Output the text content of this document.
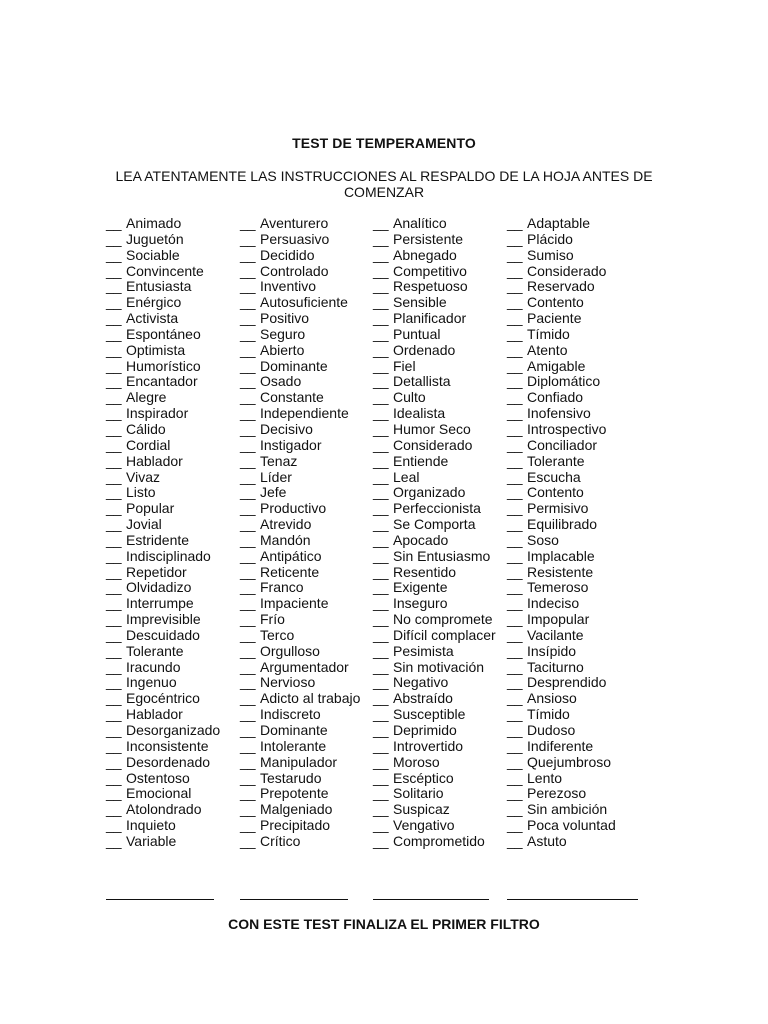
TEST DE TEMPERAMENTO
LEA ATENTAMENTE LAS INSTRUCCIONES AL RESPALDO DE LA HOJA ANTES DE COMENZAR
__ Animado
__ Juguetón
__ Sociable
__ Convincente
__ Entusiasta
__ Enérgico
__ Activista
__ Espontáneo
__ Optimista
__ Humorístico
__ Encantador
__ Alegre
__ Inspirador
__ Cálido
__ Cordial
__ Hablador
__ Vivaz
__ Listo
__ Popular
__ Jovial
__ Estridente
__ Indisciplinado
__ Repetidor
__ Olvidadizo
__ Interrumpe
__ Imprevisible
__ Descuidado
__ Tolerante
__ Iracundo
__ Ingenuo
__ Egocéntrico
__ Hablador
__ Desorganizado
__ Inconsistente
__ Desordenado
__ Ostentoso
__ Emocional
__ Atolondrado
__ Inquieto
__ Variable
__ Aventurero
__ Persuasivo
__ Decidido
__ Controlado
__ Inventivo
__ Autosuficiente
__ Positivo
__ Seguro
__ Abierto
__ Dominante
__ Osado
__ Constante
__ Independiente
__ Decisivo
__ Instigador
__ Tenaz
__ Líder
__ Jefe
__ Productivo
__ Atrevido
__ Mandón
__ Antipático
__ Reticente
__ Franco
__ Impaciente
__ Frío
__ Terco
__ Orgulloso
__ Argumentador
__ Nervioso
__ Adicto al trabajo
__ Indiscreto
__ Dominante
__ Intolerante
__ Manipulador
__ Testarudo
__ Prepotente
__ Malgeniado
__ Precipitado
__ Crítico
__ Analítico
__ Persistente
__ Abnegado
__ Competitivo
__ Respetuoso
__ Sensible
__ Planificador
__ Puntual
__ Ordenado
__ Fiel
__ Detallista
__ Culto
__ Idealista
__ Humor Seco
__ Considerado
__ Entiende
__ Leal
__ Organizado
__ Perfeccionista
__ Se Comporta
__ Apocado
__ Sin Entusiasmo
__ Resentido
__ Exigente
__ Inseguro
__ No compromete
__ Difícil complacer
__ Pesimista
__ Sin motivación
__ Negativo
__ Abstraído
__ Susceptible
__ Deprimido
__ Introvertido
__ Moroso
__ Escéptico
__ Solitario
__ Suspicaz
__ Vengativo
__ Comprometido
__ Adaptable
__ Plácido
__ Sumiso
__ Considerado
__ Reservado
__ Contento
__ Paciente
__ Tímido
__ Atento
__ Amigable
__ Diplomático
__ Confiado
__ Inofensivo
__ Introspectivo
__ Conciliador
__ Tolerante
__ Escucha
__ Contento
__ Permisivo
__ Equilibrado
__ Soso
__ Implacable
__ Resistente
__ Temeroso
__ Indeciso
__ Impopular
__ Vacilante
__ Insípido
__ Taciturno
__ Desprendido
__ Ansioso
__ Tímido
__ Dudoso
__ Indiferente
__ Quejumbroso
__ Lento
__ Perezoso
__ Sin ambición
__ Poca voluntad
__ Astuto
CON ESTE TEST FINALIZA EL PRIMER FILTRO
